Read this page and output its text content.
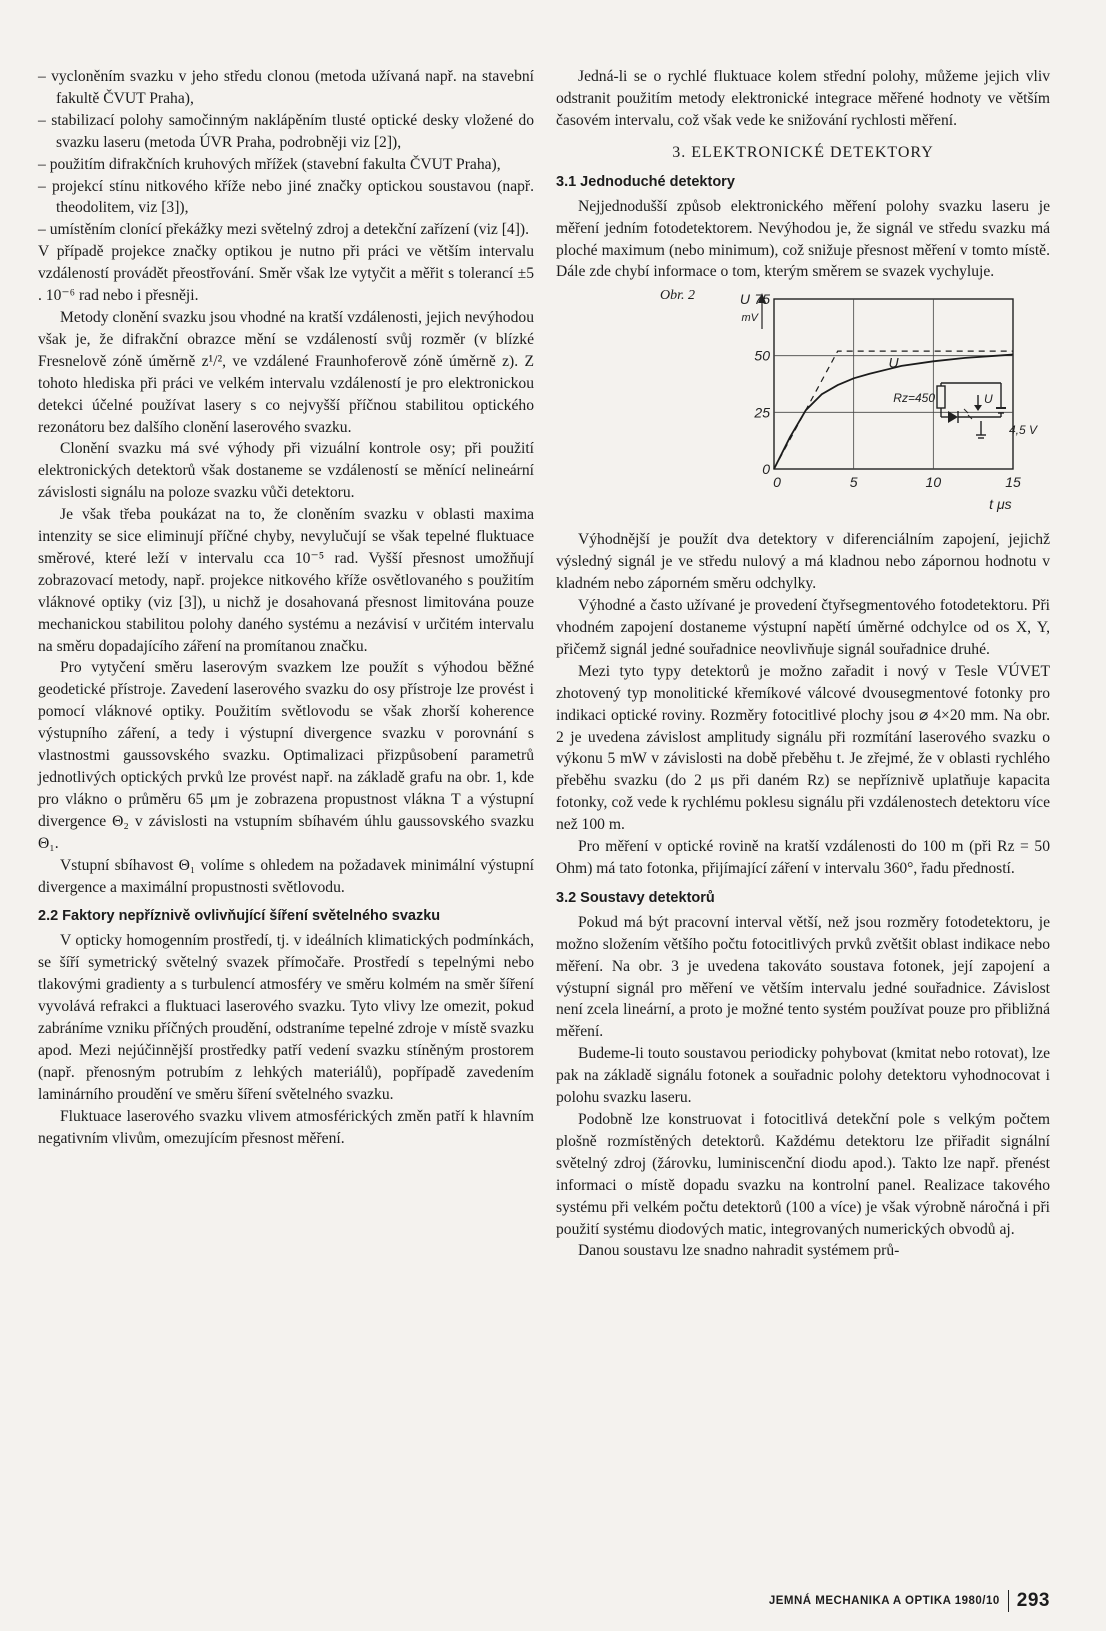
– vycloněním svazku v jeho středu clonou (metoda užívaná např. na stavební fakultě ČVUT Praha),

– stabilizací polohy samočinným naklápěním tlusté optické desky vložené do svazku laseru (metoda ÚVR Praha, podrobněji viz [2]),

– použitím difrakčních kruhových mřížek (stavební fakulta ČVUT Praha),

– projekcí stínu nitkového kříže nebo jiné značky optickou soustavou (např. theodolitem, viz [3]),

– umístěním clonící překážky mezi světelný zdroj a detekční zařízení (viz [4]).

V případě projekce značky optikou je nutno při práci ve větším intervalu vzdáleností provádět přeostřování. Směr však lze vytyčit a měřit s tolerancí ±5 . 10⁻⁶ rad nebo i přesněji.

Metody clonění svazku jsou vhodné na kratší vzdálenosti, jejich nevýhodou však je, že difrakční obrazce mění se vzdáleností svůj rozměr (v blízké Fresnelově zóně úměrně z¹/², ve vzdálené Fraunhoferově zóně úměrně z). Z tohoto hlediska při práci ve velkém intervalu vzdáleností je pro elektronickou detekci účelné používat lasery s co nejvyšší příčnou stabilitou optického rezonátoru bez dalšího clonění laserového svazku.

Clonění svazku má své výhody při vizuální kontrole osy; při použití elektronických detektorů však dostaneme se vzdáleností se měnící nelineární závislosti signálu na poloze svazku vůči detektoru.

Je však třeba poukázat na to, že cloněním svazku v oblasti maxima intenzity se sice eliminují příčné chyby, nevylučují se však tepelné fluktuace směrové, které leží v intervalu cca 10⁻⁵ rad. Vyšší přesnost umožňují zobrazovací metody, např. projekce nitkového kříže osvětlovaného s použitím vláknové optiky (viz [3]), u nichž je dosahovaná přesnost limitována pouze mechanickou stabilitou polohy daného systému a nezávisí v určitém intervalu na směru dopadajícího záření na promítanou značku.

Pro vytyčení směru laserovým svazkem lze použít s výhodou běžné geodetické přístroje. Zavedení laserového svazku do osy přístroje lze provést i pomocí vláknové optiky. Použitím světlovodu se však zhorší koherence výstupního záření, a tedy i výstupní divergence svazku v porovnání s vlastnostmi gaussovského svazku. Optimalizaci přizpůsobení parametrů jednotlivých optických prvků lze provést např. na základě grafu na obr. 1, kde pro vlákno o průměru 65 μm je zobrazena propustnost vlákna T a výstupní divergence Θ₂ v závislosti na vstupním sbíhavém úhlu gaussovského svazku Θ₁.

Vstupní sbíhavost Θ₁ volíme s ohledem na požadavek minimální výstupní divergence a maximální propustnosti světlovodu.

2.2 Faktory nepříznivě ovlivňující šíření světelného svazku

V opticky homogenním prostředí, tj. v ideálních klimatických podmínkách, se šíří symetrický světelný svazek přímočaře. Prostředí s tepelnými nebo tlakovými gradienty a s turbulencí atmosféry ve směru kolmém na směr šíření vyvolává refrakci a fluktuaci laserového svazku. Tyto vlivy lze omezit, pokud zabráníme vzniku příčných proudění, odstraníme tepelné zdroje v místě svazku apod. Mezi nejúčinnější prostředky patří vedení svazku stíněným prostorem (např. přenosným potrubím z lehkých materiálů), popřípadě zavedením laminárního proudění ve směru šíření světelného svazku.

Fluktuace laserového svazku vlivem atmosférických změn patří k hlavním negativním vlivům, omezujícím přesnost měření.

Jedná-li se o rychlé fluktuace kolem střední polohy, můžeme jejich vliv odstranit použitím metody elektronické integrace měřené hodnoty ve větším časovém intervalu, což však vede ke snižování rychlosti měření.

3. ELEKTRONICKÉ DETEKTORY
3.1 Jednoduché detektory

Nejjednodušší způsob elektronického měření polohy svazku laseru je měření jedním fotodetektorem. Nevýhodou je, že signál ve středu svazku má ploché maximum (nebo minimum), což snižuje přesnost měření v tomto místě. Dále zde chybí informace o tom, kterým směrem se svazek vychyluje.

Obr. 2
0	5	10	15
0
25
50
75
U
mV
t μs
U
Rz=450	U
4,5 V

Výhodnější je použít dva detektory v diferenciálním zapojení, jejichž výsledný signál je ve středu nulový a má kladnou nebo zápornou hodnotu v kladném nebo záporném směru odchylky.

Výhodné a často užívané je provedení čtyřsegmentového fotodetektoru. Při vhodném zapojení dostaneme výstupní napětí úměrné odchylce od os X, Y, přičemž signál jedné souřadnice neovlivňuje signál souřadnice druhé.

Mezi tyto typy detektorů je možno zařadit i nový v Tesle VÚVET zhotovený typ monolitické křemíkové válcové dvousegmentové fotonky pro indikaci optické roviny. Rozměry fotocitlivé plochy jsou ⌀ 4×20 mm. Na obr. 2 je uvedena závislost amplitudy signálu při rozmítání laserového svazku o výkonu 5 mW v závislosti na době přeběhu t. Je zřejmé, že v oblasti rychlého přeběhu svazku (do 2 μs při daném Rz) se nepříznivě uplatňuje kapacita fotonky, což vede k rychlému poklesu signálu při vzdálenostech detektoru více než 100 m.

Pro měření v optické rovině na kratší vzdálenosti do 100 m (při Rz = 50 Ohm) má tato fotonka, přijímající záření v intervalu 360°, řadu předností.

3.2 Soustavy detektorů

Pokud má být pracovní interval větší, než jsou rozměry fotodetektoru, je možno složením většího počtu fotocitlivých prvků zvětšit oblast indikace nebo měření. Na obr. 3 je uvedena takováto soustava fotonek, její zapojení a výstupní signál pro měření ve větším intervalu jedné souřadnice. Závislost není zcela lineární, a proto je možné tento systém používat pouze pro přibližná měření.

Budeme-li touto soustavou periodicky pohybovat (kmitat nebo rotovat), lze pak na základě signálu fotonek a souřadnic polohy detektoru vyhodnocovat i polohu svazku laseru.

Podobně lze konstruovat i fotocitlivá detekční pole s velkým počtem plošně rozmístěných detektorů. Každému detektoru lze přiřadit signální světelný zdroj (žárovku, luminiscenční diodu apod.). Takto lze např. přenést informaci o místě dopadu svazku na kontrolní panel. Realizace takového systému při velkém počtu detektorů (100 a více) je však výrobně náročná i při použití systému diodových matic, integrovaných numerických obvodů aj.

Danou soustavu lze snadno nahradit systémem prů-

JEMNÁ MECHANIKA A OPTIKA 1980/10 293
